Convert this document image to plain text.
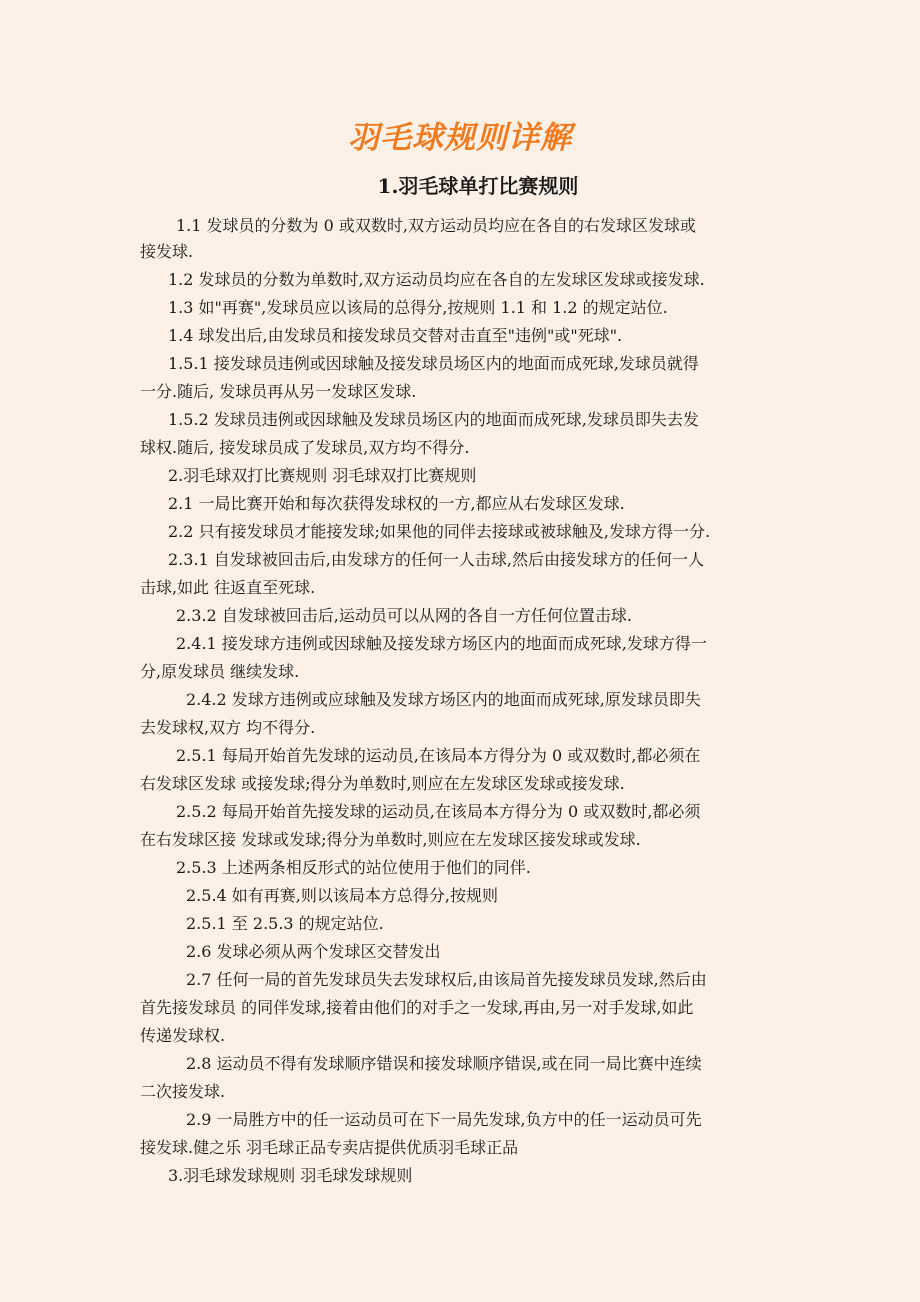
羽毛球规则详解
1.羽毛球单打比赛规则
1.1 发球员的分数为 0 或双数时,双方运动员均应在各自的右发球区发球或
接发球.
1.2 发球员的分数为单数时,双方运动员均应在各自的左发球区发球或接发球.
1.3 如"再赛",发球员应以该局的总得分,按规则 1.1 和 1.2 的规定站位.
1.4 球发出后,由发球员和接发球员交替对击直至"违例"或"死球".
1.5.1 接发球员违例或因球触及接发球员场区内的地面而成死球,发球员就得
一分.随后, 发球员再从另一发球区发球.
1.5.2 发球员违例或因球触及发球员场区内的地面而成死球,发球员即失去发
球权.随后, 接发球员成了发球员,双方均不得分.
2.羽毛球双打比赛规则 羽毛球双打比赛规则
2.1 一局比赛开始和每次获得发球权的一方,都应从右发球区发球.
2.2 只有接发球员才能接发球;如果他的同伴去接球或被球触及,发球方得一分.
2.3.1 自发球被回击后,由发球方的任何一人击球,然后由接发球方的任何一人
击球,如此 往返直至死球.
2.3.2 自发球被回击后,运动员可以从网的各自一方任何位置击球.
2.4.1 接发球方违例或因球触及接发球方场区内的地面而成死球,发球方得一
分,原发球员 继续发球.
2.4.2 发球方违例或应球触及发球方场区内的地面而成死球,原发球员即失
去发球权,双方 均不得分.
2.5.1 每局开始首先发球的运动员,在该局本方得分为 0 或双数时,都必须在
右发球区发球 或接发球;得分为单数时,则应在左发球区发球或接发球.
2.5.2 每局开始首先接发球的运动员,在该局本方得分为 0 或双数时,都必须
在右发球区接 发球或发球;得分为单数时,则应在左发球区接发球或发球.
2.5.3 上述两条相反形式的站位使用于他们的同伴.
2.5.4 如有再赛,则以该局本方总得分,按规则
2.5.1 至 2.5.3 的规定站位.
2.6 发球必须从两个发球区交替发出
2.7 任何一局的首先发球员失去发球权后,由该局首先接发球员发球,然后由
首先接发球员 的同伴发球,接着由他们的对手之一发球,再由,另一对手发球,如此
传递发球权.
2.8 运动员不得有发球顺序错误和接发球顺序错误,或在同一局比赛中连续
二次接发球.
2.9 一局胜方中的任一运动员可在下一局先发球,负方中的任一运动员可先
接发球.健之乐 羽毛球正品专卖店提供优质羽毛球正品
3.羽毛球发球规则 羽毛球发球规则
